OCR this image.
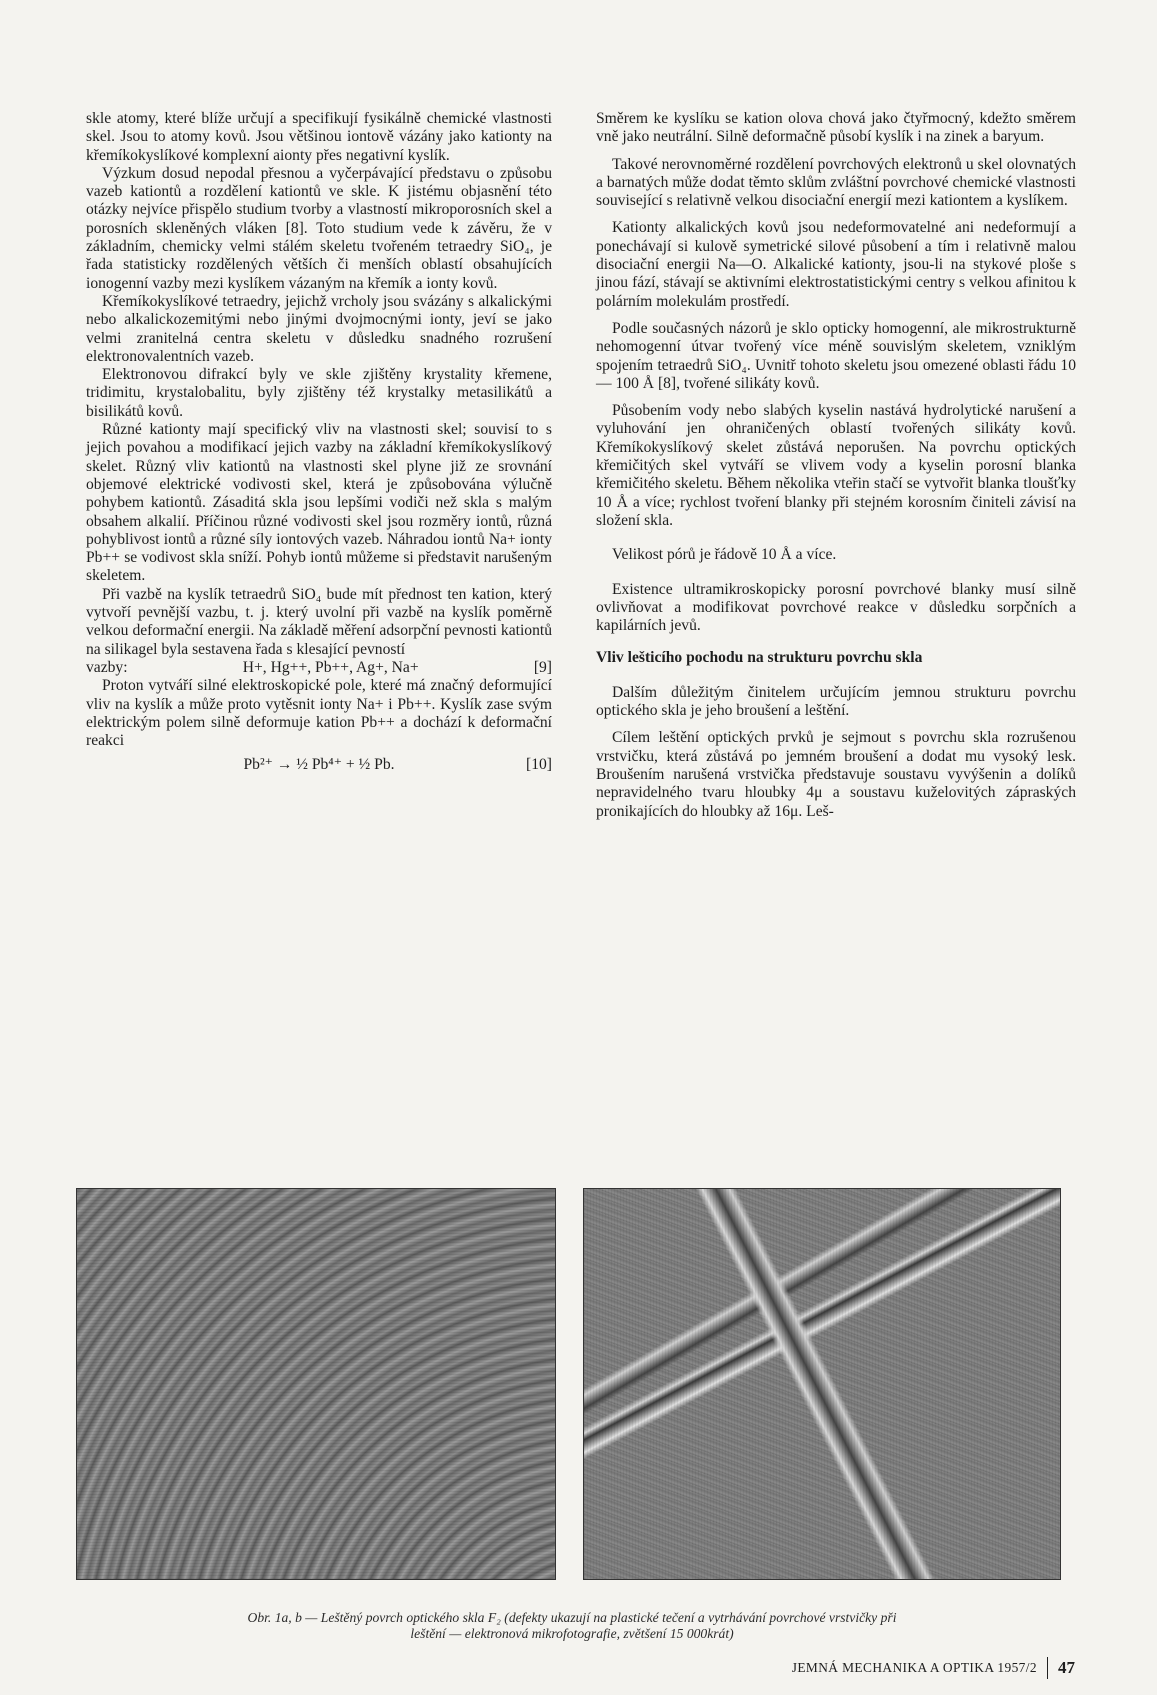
skle atomy, které blíže určují a specifikují fysikálně chemické vlastnosti skel. Jsou to atomy kovů. Jsou většinou iontově vázány jako kationty na křemíkokyslíkové komplexní aionty přes negativní kyslík.

Výzkum dosud nepodal přesnou a vyčerpávající představu o způsobu vazeb kationtů a rozdělení kationtů ve skle. K jistému objasnění této otázky nejvíce přispělo studium tvorby a vlastností mikroporosních skel a porosních skleněných vláken [8]. Toto studium vede k závěru, že v základním, chemicky velmi stálém skeletu tvořeném tetraedry SiO₄, je řada statisticky rozdělených větších či menších oblastí obsahujících ionogenní vazby mezi kyslíkem vázaným na křemík a ionty kovů.

Křemíkokyslíkové tetraedry, jejichž vrcholy jsou svázány s alkalickými nebo alkalickozemitými nebo jinými dvojmocnými ionty, jeví se jako velmi zranitelná centra skeletu v důsledku snadného rozrušení elektronovalentních vazeb.

Elektronovou difrakcí byly ve skle zjištěny krystality křemene, tridimitu, krystalobalitu, byly zjištěny též krystalky metasilikátů a bisilikátů kovů.

Různé kationty mají specifický vliv na vlastnosti skel; souvisí to s jejich povahou a modifikací jejich vazby na základní křemíkokyslíkový skelet. Různý vliv kationtů na vlastnosti skel plyne již ze srovnání objemové elektrické vodivosti skel, která je způsobována výlučně pohybem kationtů. Zásaditá skla jsou lepšími vodiči než skla s malým obsahem alkalií. Příčinou různé vodivosti skel jsou rozměry iontů, různá pohyblivost iontů a různé síly iontových vazeb. Náhradou iontů Na+ ionty Pb++ se vodivost skla sníží. Pohyb iontů můžeme si představit narušeným skeletem.

Při vazbě na kyslík tetraedrů SiO₄ bude mít přednost ten kation, který vytvoří pevnější vazbu, t. j. který uvolní při vazbě na kyslík poměrně velkou deformační energii. Na základě měření adsorpční pevnosti kationtů na silikagel byla sestavena řada s klesající pevností

vazby:	H+, Hg++, Pb++, Ag+, Na+	[9]

Proton vytváří silné elektroskopické pole, které má značný deformující vliv na kyslík a může proto vytěsnit ionty Na+ i Pb++. Kyslík zase svým elektrickým polem silně deformuje kation Pb++ a dochází k deformační reakci

Pb²⁺ → ½ Pb⁴⁺ + ½ Pb.	[10]

Směrem ke kyslíku se kation olova chová jako čtyřmocný, kdežto směrem vně jako neutrální. Silně deformačně působí kyslík i na zinek a baryum.

Takové nerovnoměrné rozdělení povrchových elektronů u skel olovnatých a barnatých může dodat těmto sklům zvláštní povrchové chemické vlastnosti související s relativně velkou disociační energií mezi kationtem a kyslíkem.

Kationty alkalických kovů jsou nedeformovatelné ani nedeformují a ponechávají si kulově symetrické silové působení a tím i relativně malou disociační energii Na—O. Alkalické kationty, jsou-li na stykové ploše s jinou fází, stávají se aktivními elektrostatistickými centry s velkou afinitou k polárním molekulám prostředí.

Podle současných názorů je sklo opticky homogenní, ale mikrostrukturně nehomogenní útvar tvořený více méně souvislým skeletem, vzniklým spojením tetraedrů SiO₄. Uvnitř tohoto skeletu jsou omezené oblasti řádu 10 — 100 Å [8], tvořené silikáty kovů.

Působením vody nebo slabých kyselin nastává hydrolytické narušení a vyluhování jen ohraničených oblastí tvořených silikáty kovů. Křemíkokyslíkový skelet zůstává neporušen. Na povrchu optických křemičitých skel vytváří se vlivem vody a kyselin porosní blanka křemičitého skeletu. Během několika vteřin stačí se vytvořit blanka tloušťky 10 Å a více; rychlost tvoření blanky při stejném korosním činiteli závisí na složení skla.

Velikost pórů je řádově 10 Å a více.

Existence ultramikroskopicky porosní povrchové blanky musí silně ovlivňovat a modifikovat povrchové reakce v důsledku sorpčních a kapilárních jevů.

Vliv lešticího pochodu na strukturu povrchu skla

Dalším důležitým činitelem určujícím jemnou strukturu povrchu optického skla je jeho broušení a leštění.

Cílem leštění optických prvků je sejmout s povrchu skla rozrušenou vrstvičku, která zůstává po jemném broušení a dodat mu vysoký lesk. Broušením narušená vrstvička představuje soustavu vyvýšenin a dolíků nepravidelného tvaru hloubky 4μ a soustavu kuželovitých zápraských pronikajících do hloubky až 16μ. Leš-

Obr. 1a, b — Leštěný povrch optického skla F₂ (defekty ukazují na plastické tečení a vytrhávání povrchové vrstvičky při
leštění — elektronová mikrofotografie, zvětšení 15 000krát)
JEMNÁ MECHANIKA A OPTIKA 1957/2 47
